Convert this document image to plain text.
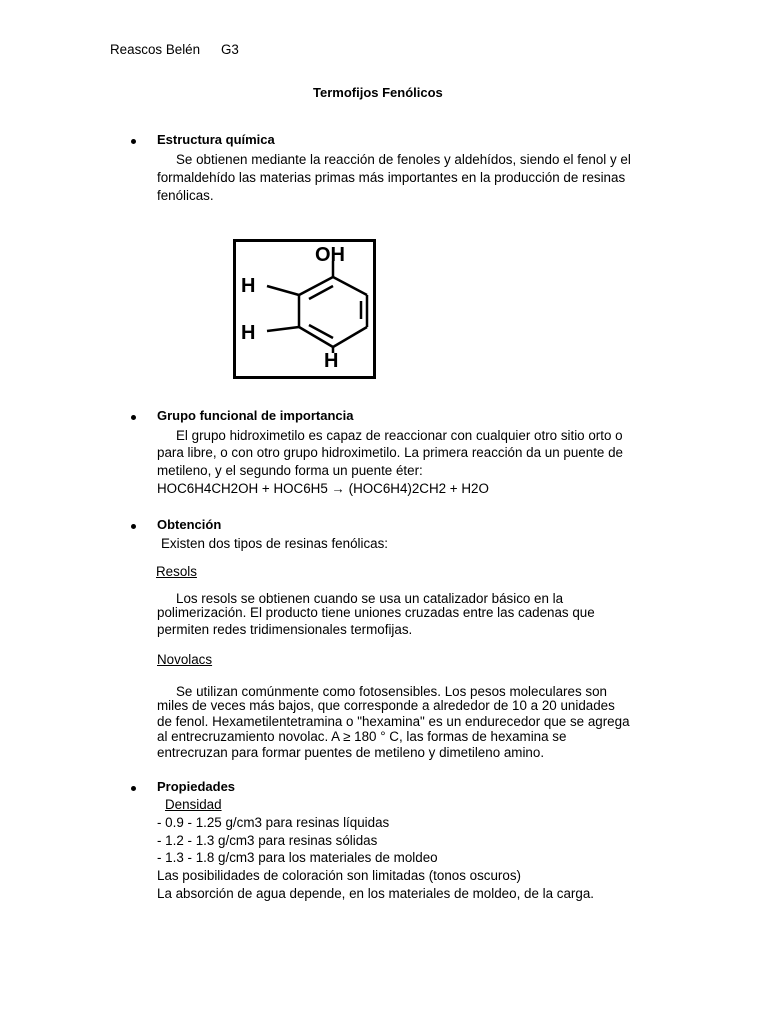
Reascos Belén G3
Termofijos Fenólicos
Estructura química
Se obtienen mediante la reacción de fenoles y aldehídos, siendo el fenol y el
formaldehído las materias primas más importantes en la producción de resinas
fenólicas.
OH
H
H
H
Grupo funcional de importancia
El grupo hidroximetilo es capaz de reaccionar con cualquier otro sitio orto o
para libre, o con otro grupo hidroximetilo. La primera reacción da un puente de
metileno, y el segundo forma un puente éter:
HOC6H4CH2OH + HOC6H5 → (HOC6H4)2CH2 + H2O
Obtención
Existen dos tipos de resinas fenólicas:
Resols
Los resols se obtienen cuando se usa un catalizador básico en la
polimerización. El producto tiene uniones cruzadas entre las cadenas que
permiten redes tridimensionales termofijas.
Novolacs
Se utilizan comúnmente como fotosensibles. Los pesos moleculares son
miles de veces más bajos, que corresponde a alrededor de 10 a 20 unidades
de fenol. Hexametilentetramina o "hexamina" es un endurecedor que se agrega
al entrecruzamiento novolac. A ≥ 180 ° C, las formas de hexamina se
entrecruzan para formar puentes de metileno y dimetileno amino.
Propiedades
Densidad
- 0.9 - 1.25 g/cm3 para resinas líquidas
- 1.2 - 1.3 g/cm3 para resinas sólidas
- 1.3 - 1.8 g/cm3 para los materiales de moldeo
Las posibilidades de coloración son limitadas (tonos oscuros)
La absorción de agua depende, en los materiales de moldeo, de la carga.
